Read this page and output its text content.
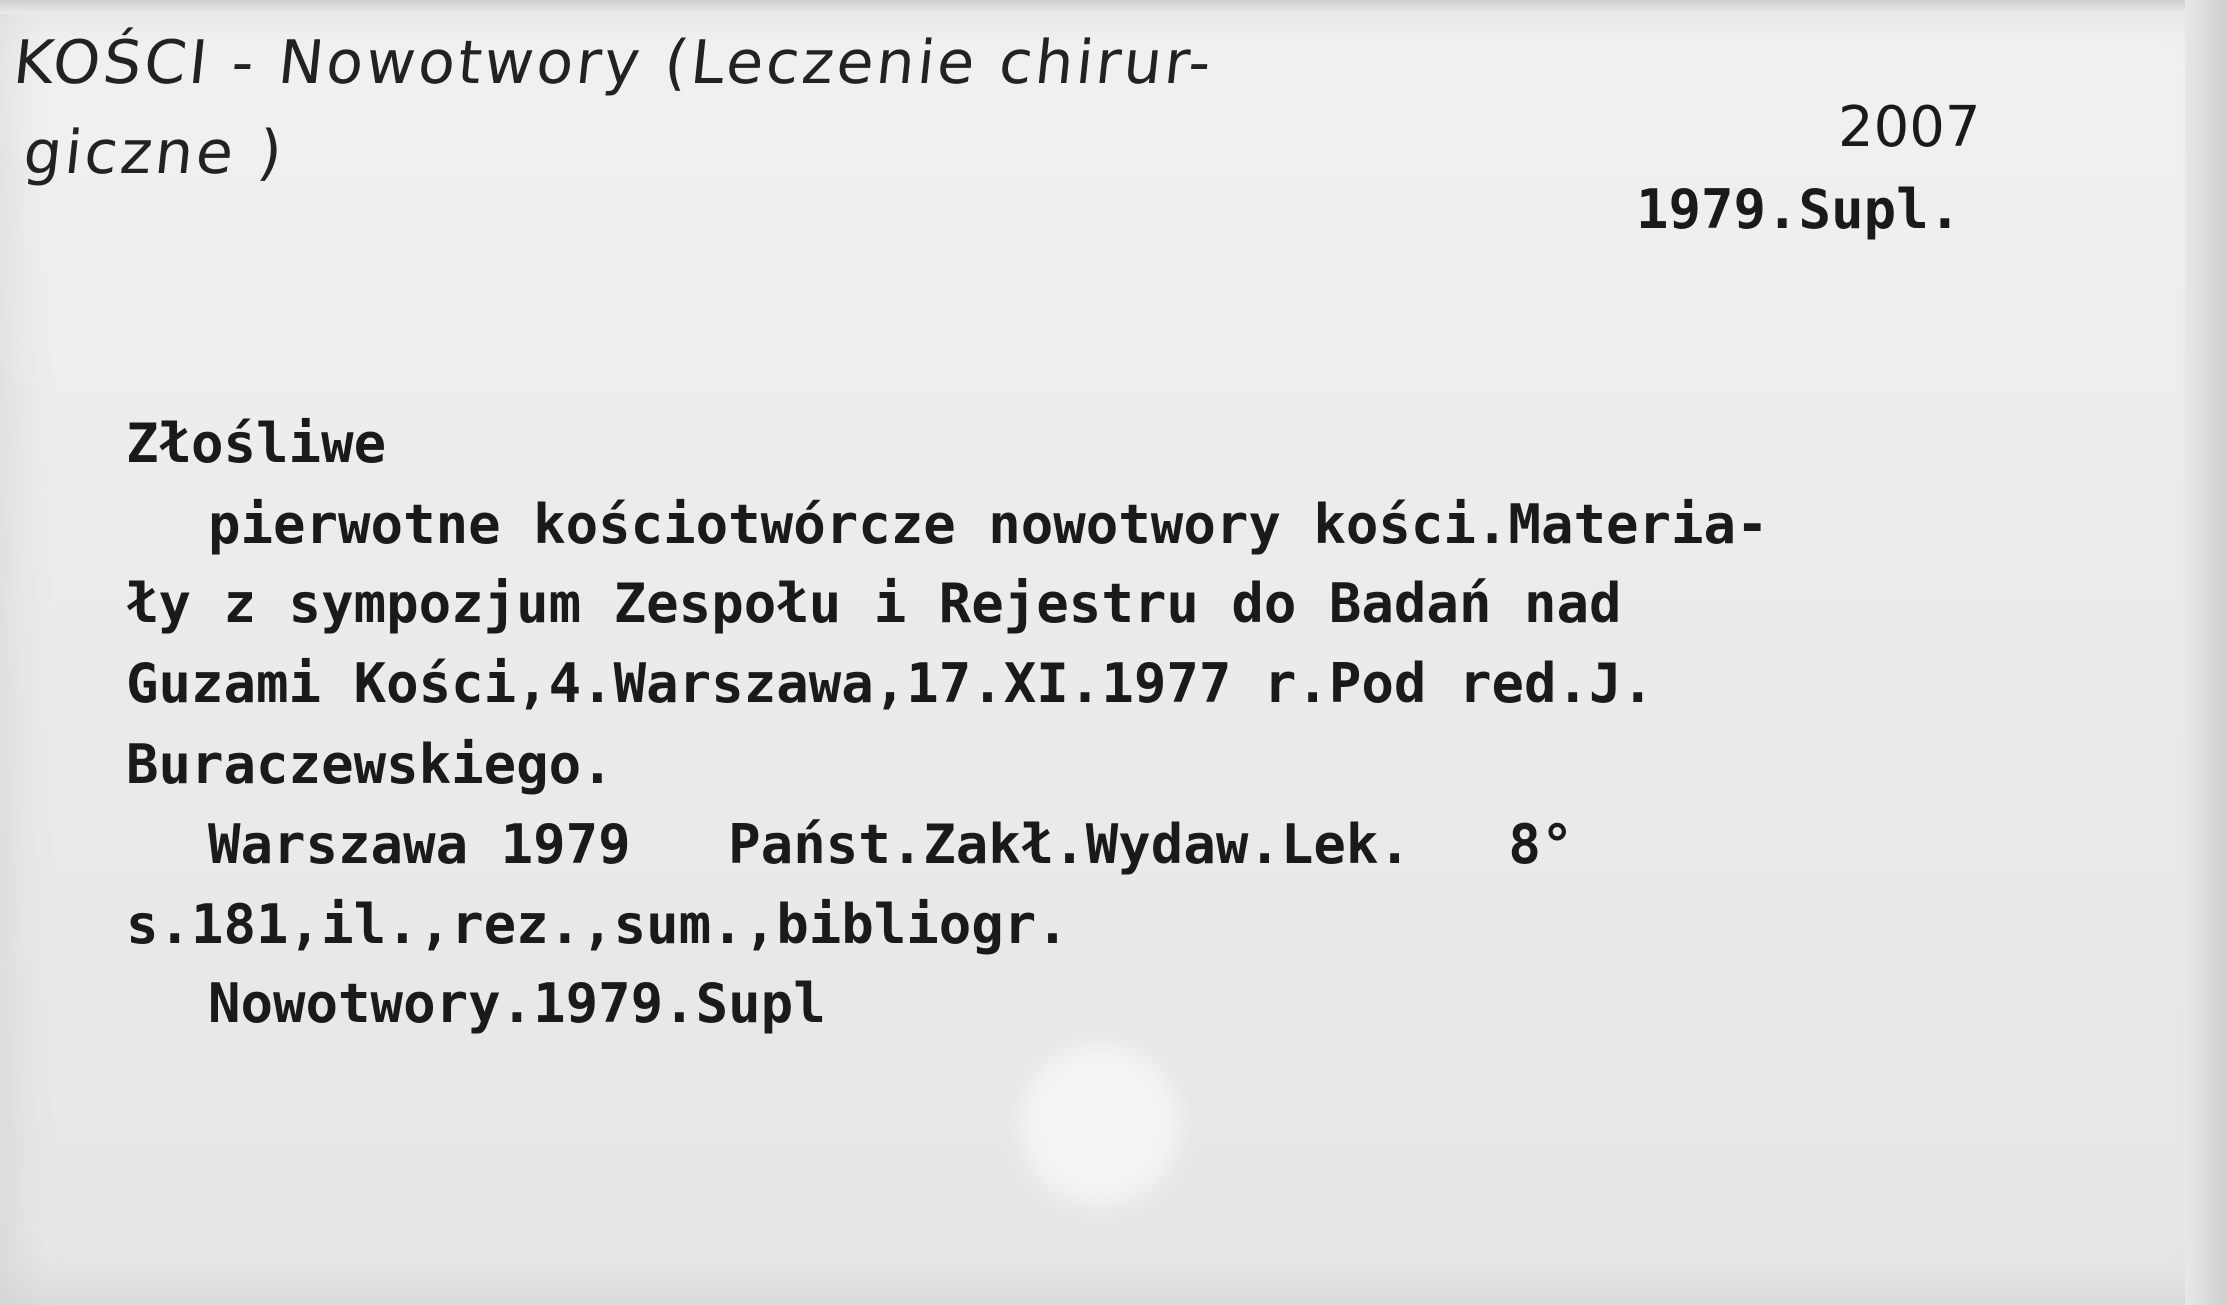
KOŚCI - Nowotwory (Leczenie chirur-
giczne )	2007
1979.Supl.
Złośliwe
pierwotne kościotwórcze nowotwory kości.Materia-
ły z sympozjum Zespołu i Rejestru do Badań nad
Guzami Kości,4.Warszawa,17.XI.1977 r.Pod red.J.
Buraczewskiego.
Warszawa 1979   Państ.Zakł.Wydaw.Lek.   8°
s.181,il.,rez.,sum.,bibliogr.
Nowotwory.1979.Supl
